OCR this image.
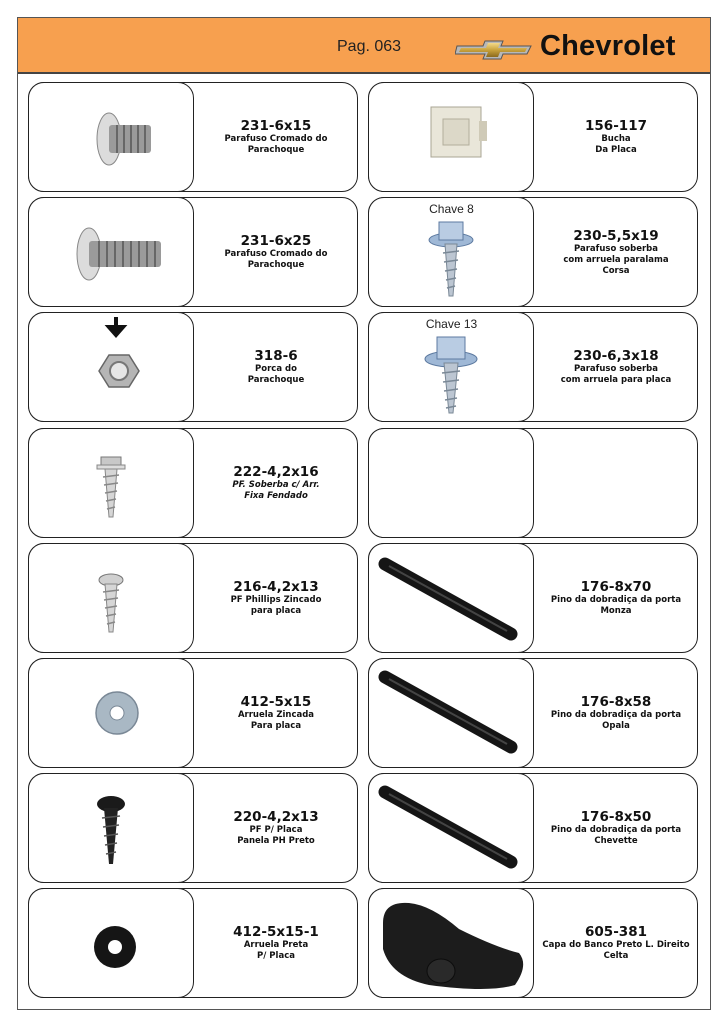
Pag. 063	Chevrolet
231-6x15
Parafuso Cromado do
Parachoque
231-6x25
Parafuso Cromado do
Parachoque
318-6
Porca do
Parachoque
222-4,2x16
PF. Soberba c/ Arr.
Fixa Fendado
216-4,2x13
PF Phillips Zincado
para placa
412-5x15
Arruela Zincada
Para placa
220-4,2x13
PF P/ Placa
Panela PH Preto
412-5x15-1
Arruela Preta
P/ Placa
156-117
Bucha
Da Placa
Chave 8
230-5,5x19
Parafuso soberba
com arruela paralama
Corsa
Chave 13
230-6,3x18
Parafuso soberba
com arruela para placa
176-8x70
Pino da dobradiça da porta
Monza
176-8x58
Pino da dobradiça da porta
Opala
176-8x50
Pino da dobradiça da porta
Chevette
605-381
Capa do Banco Preto L. Direito
Celta
